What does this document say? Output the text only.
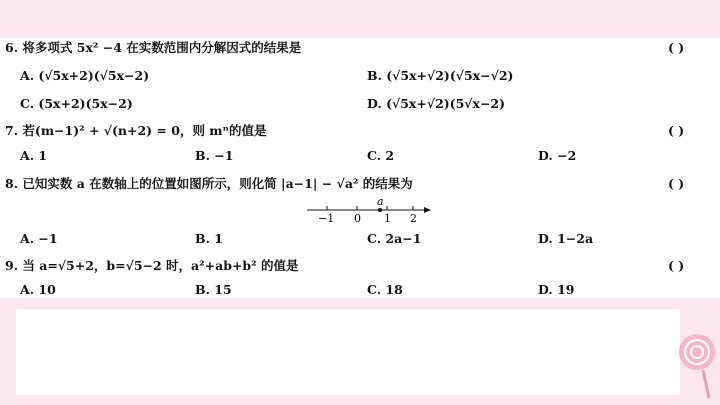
6. 将多项式 5x² −4 在实数范围内分解因式的结果是	( )
A. (√5x+2)(√5x−2)	B. (√5x+√2)(√5x−√2)
C. (5x+2)(5x−2)	D. (√5x+√2)(5√x−2)
7. 若(m−1)² + √(n+2) = 0，则 mⁿ的值是	( )
A. 1	B. −1	C. 2	D. −2
8. 已知实数 a 在数轴上的位置如图所示，则化简 |a−1| − √a² 的结果为	( )
a
−1 0 1 2
A. −1	B. 1	C. 2a−1	D. 1−2a
9. 当 a=√5+2，b=√5−2 时，a²+ab+b² 的值是	( )
A. 10	B. 15	C. 18	D. 19
